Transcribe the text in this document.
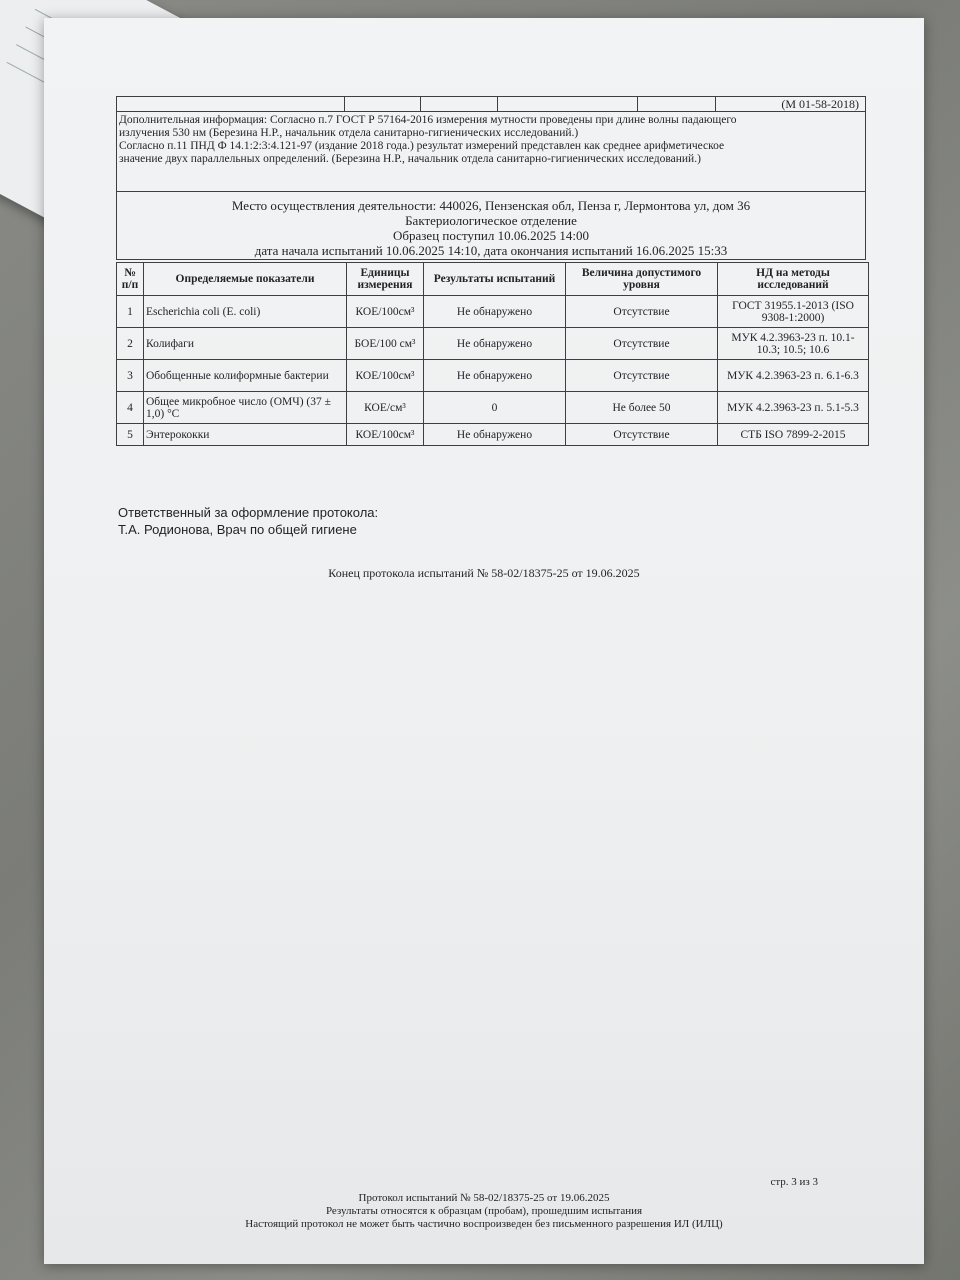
(М 01-58-2018)

Дополнительная информация: Согласно п.7 ГОСТ Р 57164-2016 измерения мутности проведены при длине волны падающего

излучения 530 нм (Березина Н.Р., начальник отдела санитарно-гигиенических исследований.)

Согласно п.11 ПНД Ф 14.1:2:3:4.121-97 (издание 2018 года.) результат измерений представлен как среднее арифметическое

значение двух параллельных определений. (Березина Н.Р., начальник отдела санитарно-гигиенических исследований.)

Место осуществления деятельности: 440026, Пензенская обл, Пенза г, Лермонтова ул, дом 36
Бактериологическое отделение
Образец поступил 10.06.2025 14:00
дата начала испытаний 10.06.2025 14:10, дата окончания испытаний 16.06.2025 15:33
№ п/п	Определяемые показатели	Единицы измерения	Результаты испытаний	Величина допустимого уровня	НД на методы исследований
1	Escherichia coli (E. coli)	КОЕ/100см³	Не обнаружено	Отсутствие	ГОСТ 31955.1-2013 (ISO 9308-1:2000)
2	Колифаги	БОЕ/100 см³	Не обнаружено	Отсутствие	МУК 4.2.3963-23 п. 10.1-10.3; 10.5; 10.6
3	Обобщенные колиформные бактерии	КОЕ/100см³	Не обнаружено	Отсутствие	МУК 4.2.3963-23 п. 6.1-6.3
4	Общее микробное число (ОМЧ) (37 ± 1,0) °С	КОЕ/см³	0	Не более 50	МУК 4.2.3963-23 п. 5.1-5.3
5	Энтерококки	КОЕ/100см³	Не обнаружено	Отсутствие	СТБ ISO 7899-2-2015
Ответственный за оформление протокола:
Т.А. Родионова, Врач по общей гигиене
Конец протокола испытаний № 58-02/18375-25 от 19.06.2025
стр. 3 из 3
Протокол испытаний № 58-02/18375-25 от 19.06.2025
Результаты относятся к образцам (пробам), прошедшим испытания
Настоящий протокол не может быть частично воспроизведен без письменного разрешения ИЛ (ИЛЦ)
